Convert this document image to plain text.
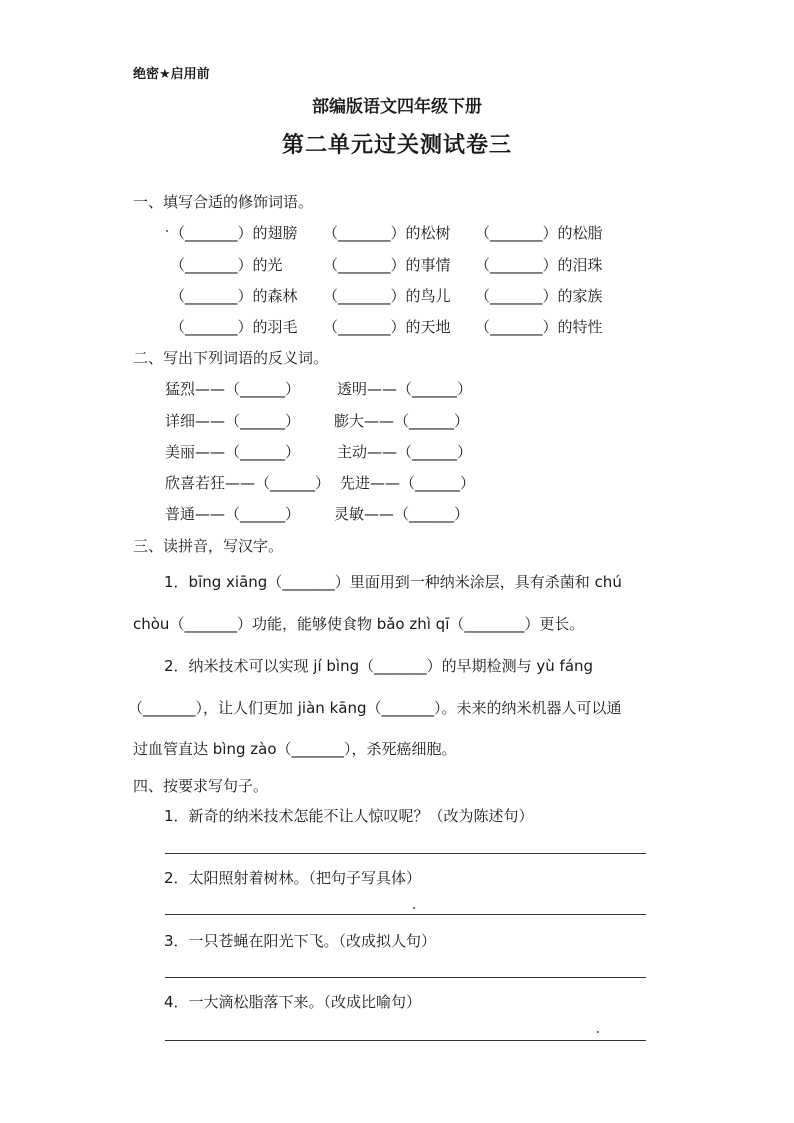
绝密★启用前
部编版语文四年级下册
第二单元过关测试卷三
一、填写合适的修饰词语。
（_______）的翅膀 （_______）的松树 （_______）的松脂
（_______）的光	（_______）的事情 （_______）的泪珠
（_______）的森林 （_______）的鸟儿 （_______）的家族
（_______）的羽毛 （_______）的天地 （_______）的特性
二、写出下列词语的反义词。
猛烈——（______） 透明——（______）
详细——（______） 膨大——（______）
美丽——（______） 主动——（______）
欣喜若狂——（______） 先进——（______）
普通——（______） 灵敏——（______）
三、读拼音，写汉字。
1．bīng xiāng（_______）里面用到一种纳米涂层，具有杀菌和 chú
chòu（_______）功能，能够使食物 bǎo zhì qī（________）更长。
2．纳米技术可以实现 jí bìng（_______）的早期检测与 yù fáng
（_______），让人们更加 jiàn kāng（_______）。未来的纳米机器人可以通
过血管直达 bìng zào（_______），杀死癌细胞。
四、按要求写句子。
1．新奇的纳米技术怎能不让人惊叹呢？（改为陈述句）
2．太阳照射着树林。（把句子写具体）
3．一只苍蝇在阳光下飞。（改成拟人句）
4．一大滴松脂落下来。（改成比喻句）
